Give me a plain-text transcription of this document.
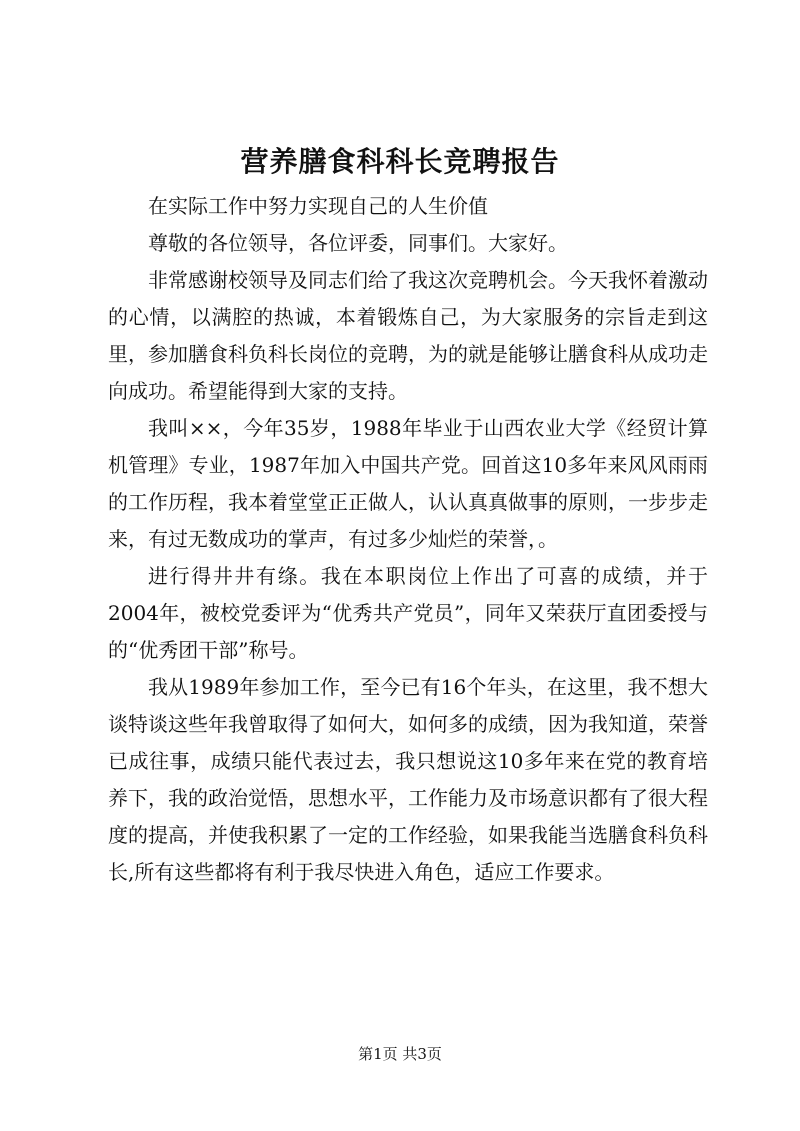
营养膳食科科长竞聘报告

在实际工作中努力实现自己的人生价值

尊敬的各位领导，各位评委，同事们。大家好。

非常感谢校领导及同志们给了我这次竞聘机会。今天我怀着激动的心情，以满腔的热诚，本着锻炼自己，为大家服务的宗旨走到这里，参加膳食科负科长岗位的竞聘，为的就是能够让膳食科从成功走向成功。希望能得到大家的支持。

我叫××，今年35岁，1988年毕业于山西农业大学《经贸计算机管理》专业，1987年加入中国共产党。回首这10多年来风风雨雨的工作历程，我本着堂堂正正做人，认认真真做事的原则，一步步走来，有过无数成功的掌声，有过多少灿烂的荣誉，。

进行得井井有绦。我在本职岗位上作出了可喜的成绩，并于2004年，被校党委评为“优秀共产党员”，同年又荣获厅直团委授与的“优秀团干部”称号。

我从1989年参加工作，至今已有16个年头，在这里，我不想大谈特谈这些年我曾取得了如何大，如何多的成绩，因为我知道，荣誉已成往事，成绩只能代表过去，我只想说这10多年来在党的教育培养下，我的政治觉悟，思想水平，工作能力及市场意识都有了很大程度的提高，并使我积累了一定的工作经验，如果我能当选膳食科负科长,所有这些都将有利于我尽快进入角色，适应工作要求。

第1页 共3页
